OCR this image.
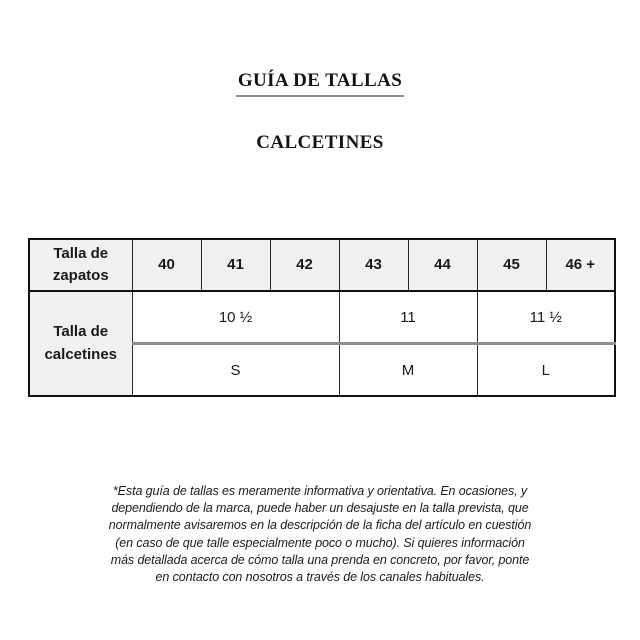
GUÍA DE TALLAS
CALCETINES
Talla de zapatos	40	41	42	43	44	45	46 +
Talla de calcetines	10 ½			11		11 ½	
	S			M		L	
*Esta guía de tallas es meramente informativa y orientativa. En ocasiones, y
dependiendo de la marca, puede haber un desajuste en la talla prevista, que
normalmente avisaremos en la descripción de la ficha del artículo en cuestión
(en caso de que talle especialmente poco o mucho). Si quieres información
más detallada acerca de cómo talla una prenda en concreto, por favor, ponte
en contacto con nosotros a través de los canales habituales.
